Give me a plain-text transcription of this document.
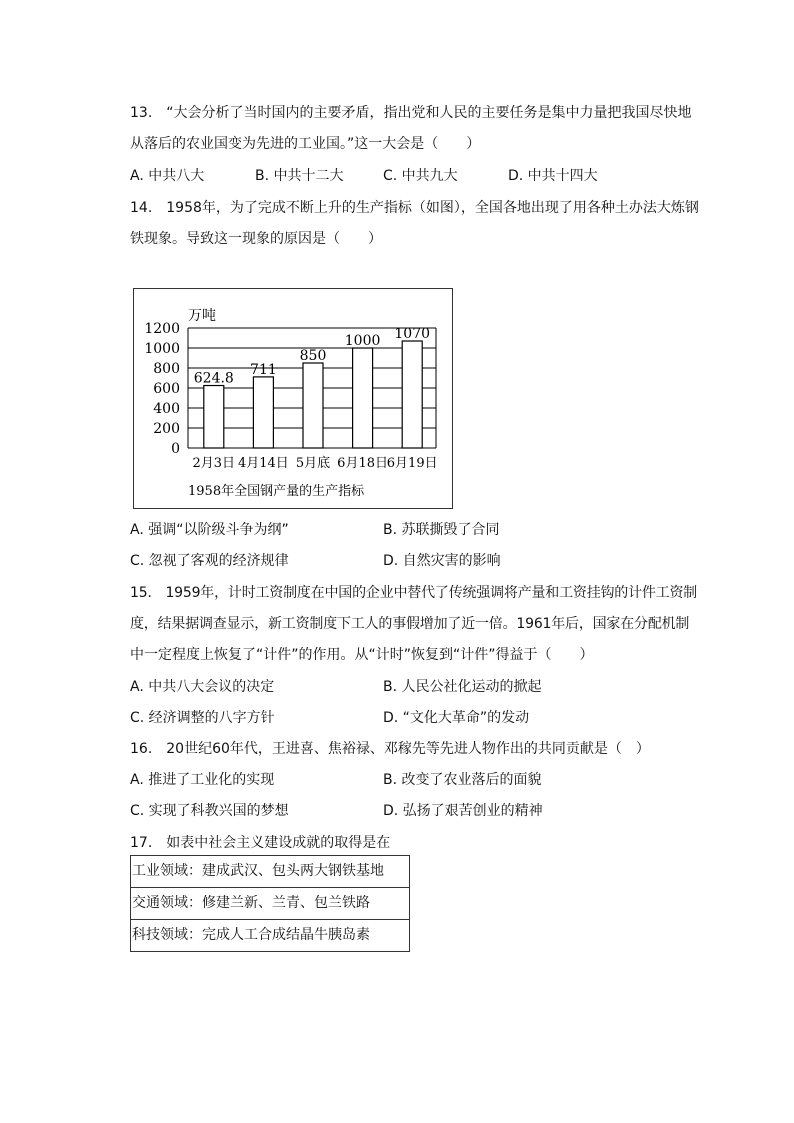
13.　“大会分析了当时国内的主要矛盾，指出党和人民的主要任务是集中力量把我国尽快地
从落后的农业国变为先进的工业国。”这一大会是（　　）
A. 中共八大	B. 中共十二大	C. 中共九大	D. 中共十四大
14.　1958年，为了完成不断上升的生产指标（如图），全国各地出现了用各种土办法大炼钢
铁现象。导致这一现象的原因是（　　）
0
200
400
600
800
1000
1200
624.8
2月3日
711
4月14日
850
5月底
1000
6月18日
1070
6月19日
万吨
1958年全国钢产量的生产指标
A. 强调“以阶级斗争为纲”	B. 苏联撕毁了合同
C. 忽视了客观的经济规律	D. 自然灾害的影响
15.　1959年，计时工资制度在中国的企业中替代了传统强调将产量和工资挂钩的计件工资制
度，结果据调查显示，新工资制度下工人的事假增加了近一倍。1961年后，国家在分配机制
中一定程度上恢复了“计件”的作用。从“计时”恢复到“计件”得益于（　　）
A. 中共八大会议的决定	B. 人民公社化运动的掀起
C. 经济调整的八字方针	D. “文化大革命”的发动
16.　20世纪60年代，王进喜、焦裕禄、邓稼先等先进人物作出的共同贡献是（　）
A. 推进了工业化的实现	B. 改变了农业落后的面貌
C. 实现了科教兴国的梦想	D. 弘扬了艰苦创业的精神
17.　如表中社会主义建设成就的取得是在
工业领域：建成武汉、包头两大钢铁基地
交通领域：修建兰新、兰青、包兰铁路
科技领域：完成人工合成结晶牛胰岛素
